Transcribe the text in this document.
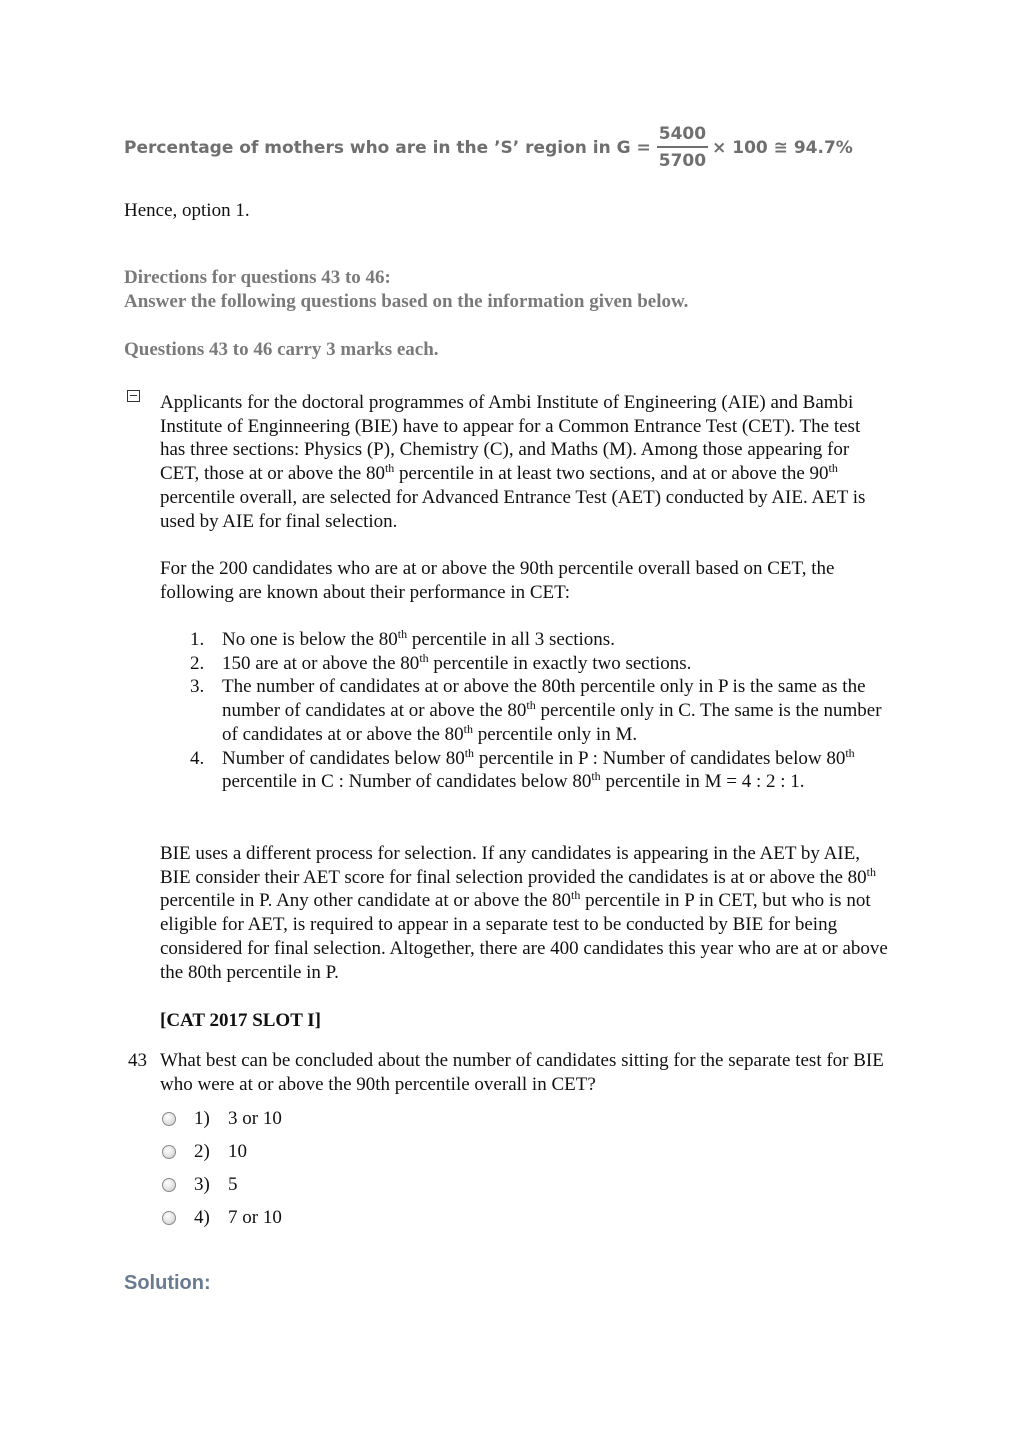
Percentage of mothers who are in the ’S’ region in $G = \frac{5400}{5700} \times 100$ ≅ 94.7%
Hence, option 1.
Directions for questions 43 to 46:
Answer the following questions based on the information given below.
Questions 43 to 46 carry 3 marks each.
Applicants for the doctoral programmes of Ambi Institute of Engineering (AIE) and Bambi Institute of Enginneering (BIE) have to appear for a Common Entrance Test (CET). The test has three sections: Physics (P), Chemistry (C), and Maths (M). Among those appearing for CET, those at or above the 80th percentile in at least two sections, and at or above the 90th percentile overall, are selected for Advanced Entrance Test (AET) conducted by AIE. AET is used by AIE for final selection.
For the 200 candidates who are at or above the 90th percentile overall based on CET, the following are known about their performance in CET:
1. No one is below the 80th percentile in all 3 sections.
2. 150 are at or above the 80th percentile in exactly two sections.
3. The number of candidates at or above the 80th percentile only in P is the same as the number of candidates at or above the 80th percentile only in C. The same is the number of candidates at or above the 80th percentile only in M.
4. Number of candidates below 80th percentile in P : Number of candidates below 80th percentile in C : Number of candidates below 80th percentile in M = 4 : 2 : 1.
BIE uses a different process for selection. If any candidates is appearing in the AET by AIE, BIE consider their AET score for final selection provided the candidates is at or above the 80th percentile in P. Any other candidate at or above the 80th percentile in P in CET, but who is not eligible for AET, is required to appear in a separate test to be conducted by BIE for being considered for final selection. Altogether, there are 400 candidates this year who are at or above the 80th percentile in P.
[CAT 2017 SLOT I]
43 What best can be concluded about the number of candidates sitting for the separate test for BIE who were at or above the 90th percentile overall in CET?
1) 3 or 10
2) 10
3) 5
4) 7 or 10
Solution:
